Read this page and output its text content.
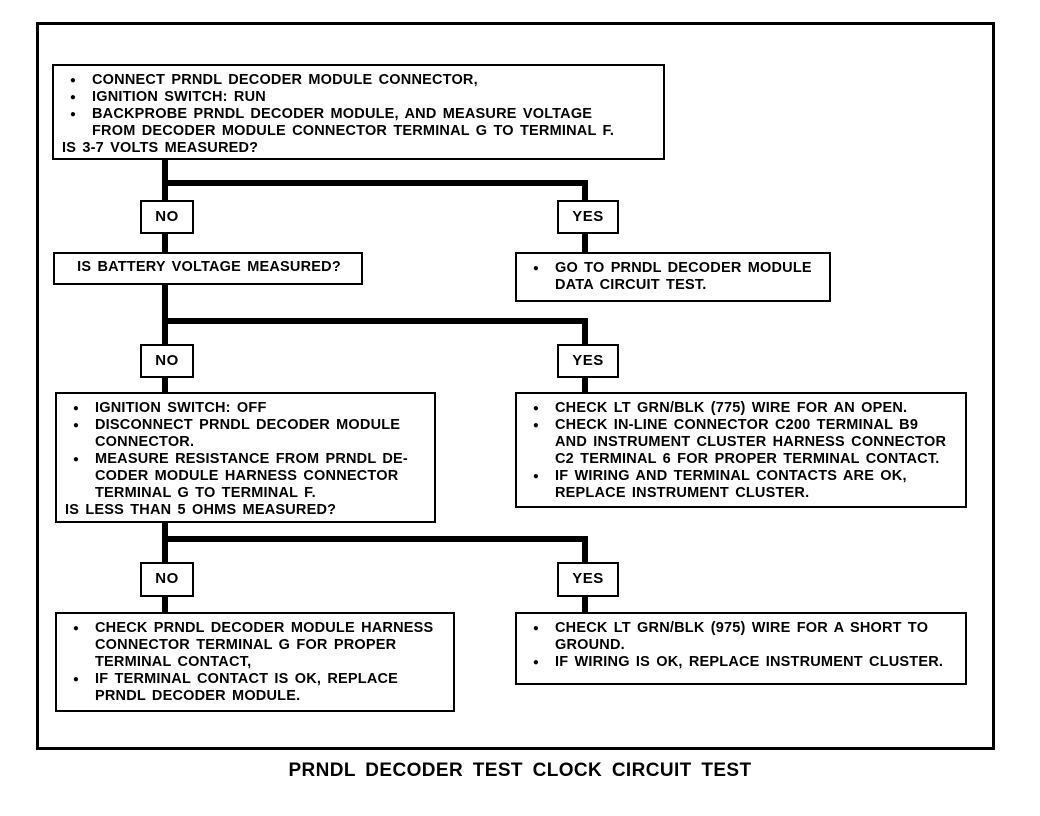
●	CONNECT PRNDL DECODER MODULE CONNECTOR,
●	IGNITION SWITCH: RUN
●	BACKPROBE PRNDL DECODER MODULE, AND MEASURE VOLTAGE
FROM DECODER MODULE CONNECTOR TERMINAL G TO TERMINAL F.
IS 3-7 VOLTS MEASURED?
NO	YES
IS BATTERY VOLTAGE MEASURED?	●	GO TO PRNDL DECODER MODULE
DATA CIRCUIT TEST.
NO	YES
●	IGNITION SWITCH: OFF
●	DISCONNECT PRNDL DECODER MODULE
CONNECTOR.
●	MEASURE RESISTANCE FROM PRNDL DE-
CODER MODULE HARNESS CONNECTOR
TERMINAL G TO TERMINAL F.
IS LESS THAN 5 OHMS MEASURED?
●	CHECK LT GRN/BLK (775) WIRE FOR AN OPEN.
●	CHECK IN-LINE CONNECTOR C200 TERMINAL B9
AND INSTRUMENT CLUSTER HARNESS CONNECTOR
C2 TERMINAL 6 FOR PROPER TERMINAL CONTACT.
●	IF WIRING AND TERMINAL CONTACTS ARE OK,
REPLACE INSTRUMENT CLUSTER.
NO	YES
●	CHECK PRNDL DECODER MODULE HARNESS
CONNECTOR TERMINAL G FOR PROPER
TERMINAL CONTACT,
●	IF TERMINAL CONTACT IS OK, REPLACE
PRNDL DECODER MODULE.
●	CHECK LT GRN/BLK (975) WIRE FOR A SHORT TO
GROUND.
●	IF WIRING IS OK, REPLACE INSTRUMENT CLUSTER.
PRNDL DECODER TEST CLOCK CIRCUIT TEST
